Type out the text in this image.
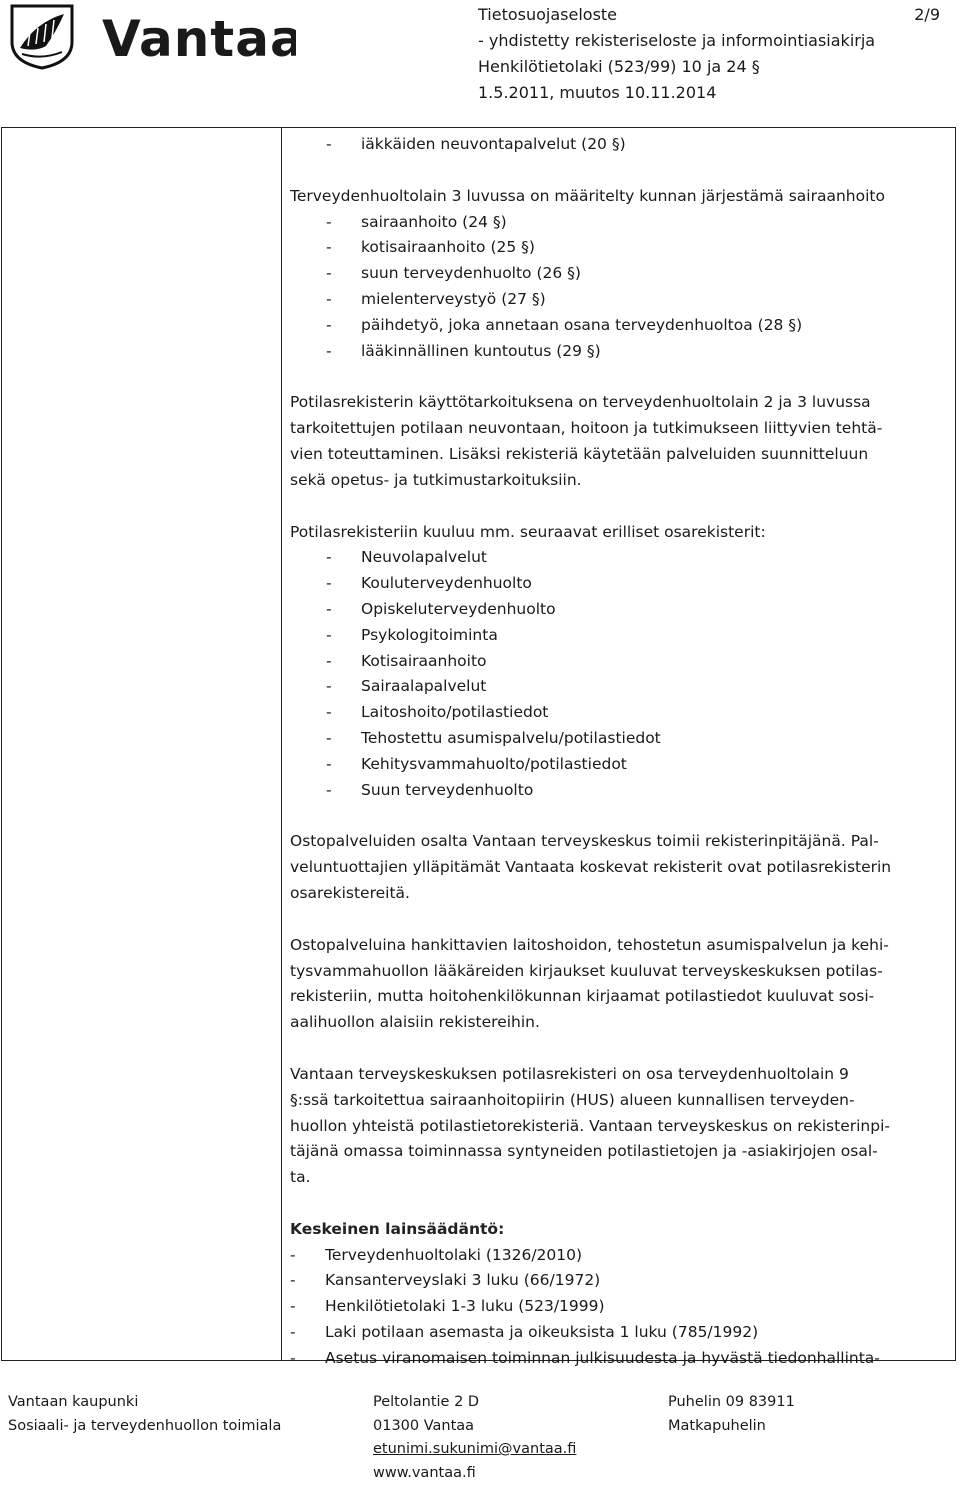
Vantaa	Tietosuojaseloste
- yhdistetty rekisteriseloste ja informointiasiakirja
Henkilötietolaki (523/99) 10 ja 24 §
1.5.2011, muutos 10.11.2014
2/9
-	iäkkäiden neuvontapalvelut (20 §)
Terveydenhuoltolain 3 luvussa on määritelty kunnan järjestämä sairaanhoito
-	sairaanhoito (24 §)
-	kotisairaanhoito (25 §)
-	suun terveydenhuolto (26 §)
-	mielenterveystyö (27 §)
-	päihdetyö, joka annetaan osana terveydenhuoltoa (28 §)
-	lääkinnällinen kuntoutus (29 §)
Potilasrekisterin käyttötarkoituksena on terveydenhuoltolain 2 ja 3 luvussa
tarkoitettujen potilaan neuvontaan, hoitoon ja tutkimukseen liittyvien tehtä-
vien toteuttaminen. Lisäksi rekisteriä käytetään palveluiden suunnitteluun
sekä opetus- ja tutkimustarkoituksiin.
Potilasrekisteriin kuuluu mm. seuraavat erilliset osarekisterit:
-	Neuvolapalvelut
-	Kouluterveydenhuolto
-	Opiskeluterveydenhuolto
-	Psykologitoiminta
-	Kotisairaanhoito
-	Sairaalapalvelut
-	Laitoshoito/potilastiedot
-	Tehostettu asumispalvelu/potilastiedot
-	Kehitysvammahuolto/potilastiedot
-	Suun terveydenhuolto
Ostopalveluiden osalta Vantaan terveyskeskus toimii rekisterinpitäjänä. Pal-
veluntuottajien ylläpitämät Vantaata koskevat rekisterit ovat potilasrekisterin
osarekistereitä.
Ostopalveluina hankittavien laitoshoidon, tehostetun asumispalvelun ja kehi-
tysvammahuollon lääkäreiden kirjaukset kuuluvat terveyskeskuksen potilas-
rekisteriin, mutta hoitohenkilökunnan kirjaamat potilastiedot kuuluvat sosi-
aalihuollon alaisiin rekistereihin.
Vantaan terveyskeskuksen potilasrekisteri on osa terveydenhuoltolain 9
§:ssä tarkoitettua sairaanhoitopiirin (HUS) alueen kunnallisen terveyden-
huollon yhteistä potilastietorekisteriä. Vantaan terveyskeskus on rekisterinpi-
täjänä omassa toiminnassa syntyneiden potilastietojen ja -asiakirjojen osal-
ta.
Keskeinen lainsäädäntö:
-	Terveydenhuoltolaki (1326/2010)
-	Kansanterveyslaki 3 luku (66/1972)
-	Henkilötietolaki 1-3 luku (523/1999)
-	Laki potilaan asemasta ja oikeuksista 1 luku (785/1992)
-	Asetus viranomaisen toiminnan julkisuudesta ja hyvästä tiedonhallinta-
Vantaan kaupunki
Sosiaali- ja terveydenhuollon toimiala
Peltolantie 2 D
01300 Vantaa
etunimi.sukunimi@vantaa.fi
www.vantaa.fi
Puhelin 09 83911
Matkapuhelin
